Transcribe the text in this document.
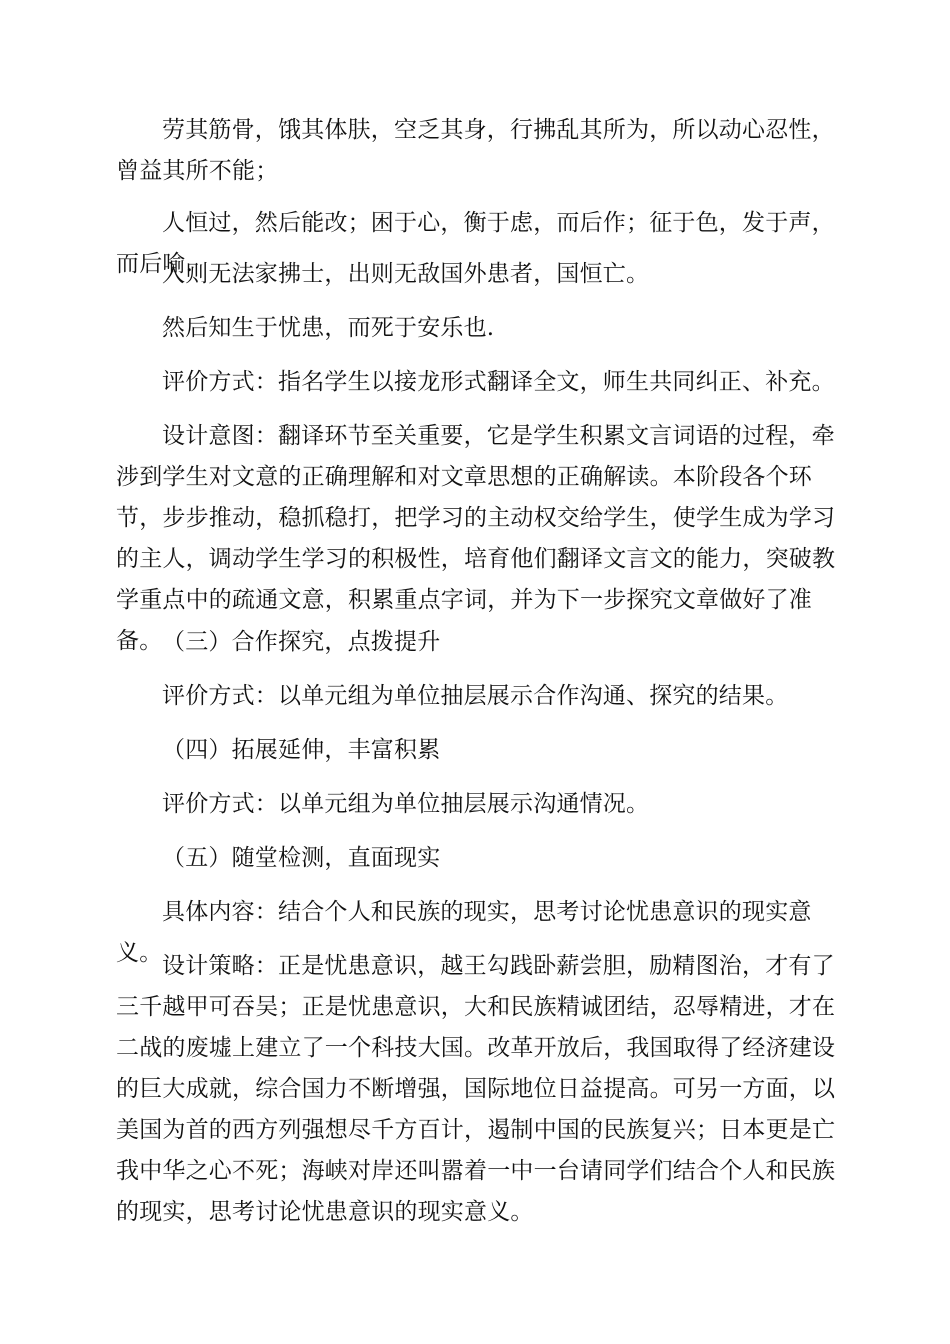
劳其筋骨，饿其体肤，空乏其身，行拂乱其所为，所以动心忍性，曾益其所不能；

人恒过，然后能改；困于心，衡于虑，而后作；征于色，发于声，而后喻.

入则无法家拂士，出则无敌国外患者，国恒亡。

然后知生于忧患，而死于安乐也.

评价方式：指名学生以接龙形式翻译全文，师生共同纠正、补充。

设计意图：翻译环节至关重要，它是学生积累文言词语的过程，牵涉到学生对文意的正确理解和对文章思想的正确解读。本阶段各个环节，步步推动，稳抓稳打，把学习的主动权交给学生，使学生成为学习的主人，调动学生学习的积极性，培育他们翻译文言文的能力，突破教学重点中的疏通文意，积累重点字词，并为下一步探究文章做好了准备。 （三）合作探究，点拨提升

评价方式：以单元组为单位抽层展示合作沟通、探究的结果。

（四）拓展延伸，丰富积累

评价方式：以单元组为单位抽层展示沟通情况。

（五）随堂检测，直面现实

具体内容：结合个人和民族的现实，思考讨论忧患意识的现实意义。 设计策略：正是忧患意识，越王勾践卧薪尝胆，励精图治，才有了三千越甲可吞吴；正是忧患意识，大和民族精诚团结，忍辱精进，才在二战的废墟上建立了一个科技大国。改革开放后，我国取得了经济建设的巨大成就，综合国力不断增强，国际地位日益提高。可另一方面，以美国为首的西方列强想尽千方百计，遏制中国的民族复兴；日本更是亡我中华之心不死；海峡对岸还叫嚣着一中一台请同学们结合个人和民族的现实，思考讨论忧患意识的现实意义。
